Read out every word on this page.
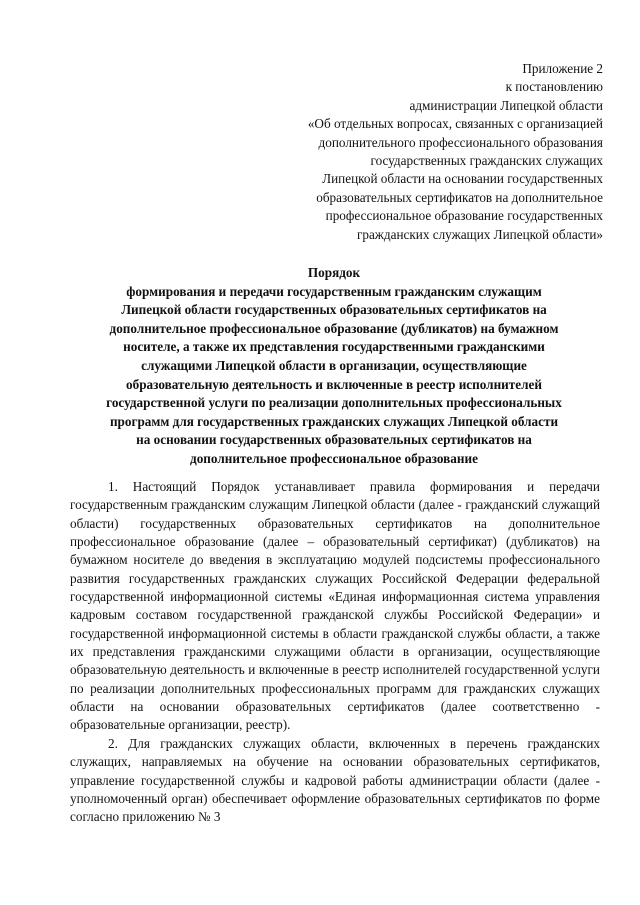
Приложение 2
к постановлению
администрации Липецкой области
«Об отдельных вопросах, связанных с организацией
дополнительного профессионального образования
государственных гражданских служащих
Липецкой области на основании государственных
образовательных сертификатов на дополнительное
профессиональное образование государственных
гражданских служащих Липецкой области»
Порядок
формирования и передачи государственным гражданским служащим
Липецкой области государственных образовательных сертификатов на
дополнительное профессиональное образование (дубликатов) на бумажном
носителе, а также их представления государственными гражданскими
служащими Липецкой области в организации, осуществляющие
образовательную деятельность и включенные в реестр исполнителей
государственной услуги по реализации дополнительных профессиональных
программ для государственных гражданских служащих Липецкой области
на основании государственных образовательных сертификатов на
дополнительное профессиональное образование

1. Настоящий Порядок устанавливает правила формирования и передачи государственным гражданским служащим Липецкой области (далее - гражданский служащий области) государственных образовательных сертификатов на дополнительное профессиональное образование (далее – образовательный сертификат) (дубликатов) на бумажном носителе до введения в эксплуатацию модулей подсистемы профессионального развития государственных гражданских служащих Российской Федерации федеральной государственной информационной системы «Единая информационная система управления кадровым составом государственной гражданской службы Российской Федерации» и государственной информационной системы в области гражданской службы области, а также их представления гражданскими служащими области в организации, осуществляющие образовательную деятельность и включенные в реестр исполнителей государственной услуги по реализации дополнительных профессиональных программ для гражданских служащих области на основании образовательных сертификатов (далее соответственно - образовательные организации, реестр).

2. Для гражданских служащих области, включенных в перечень гражданских служащих, направляемых на обучение на основании образовательных сертификатов, управление государственной службы и кадровой работы администрации области (далее - уполномоченный орган) обеспечивает оформление образовательных сертификатов по форме согласно приложению № 3
